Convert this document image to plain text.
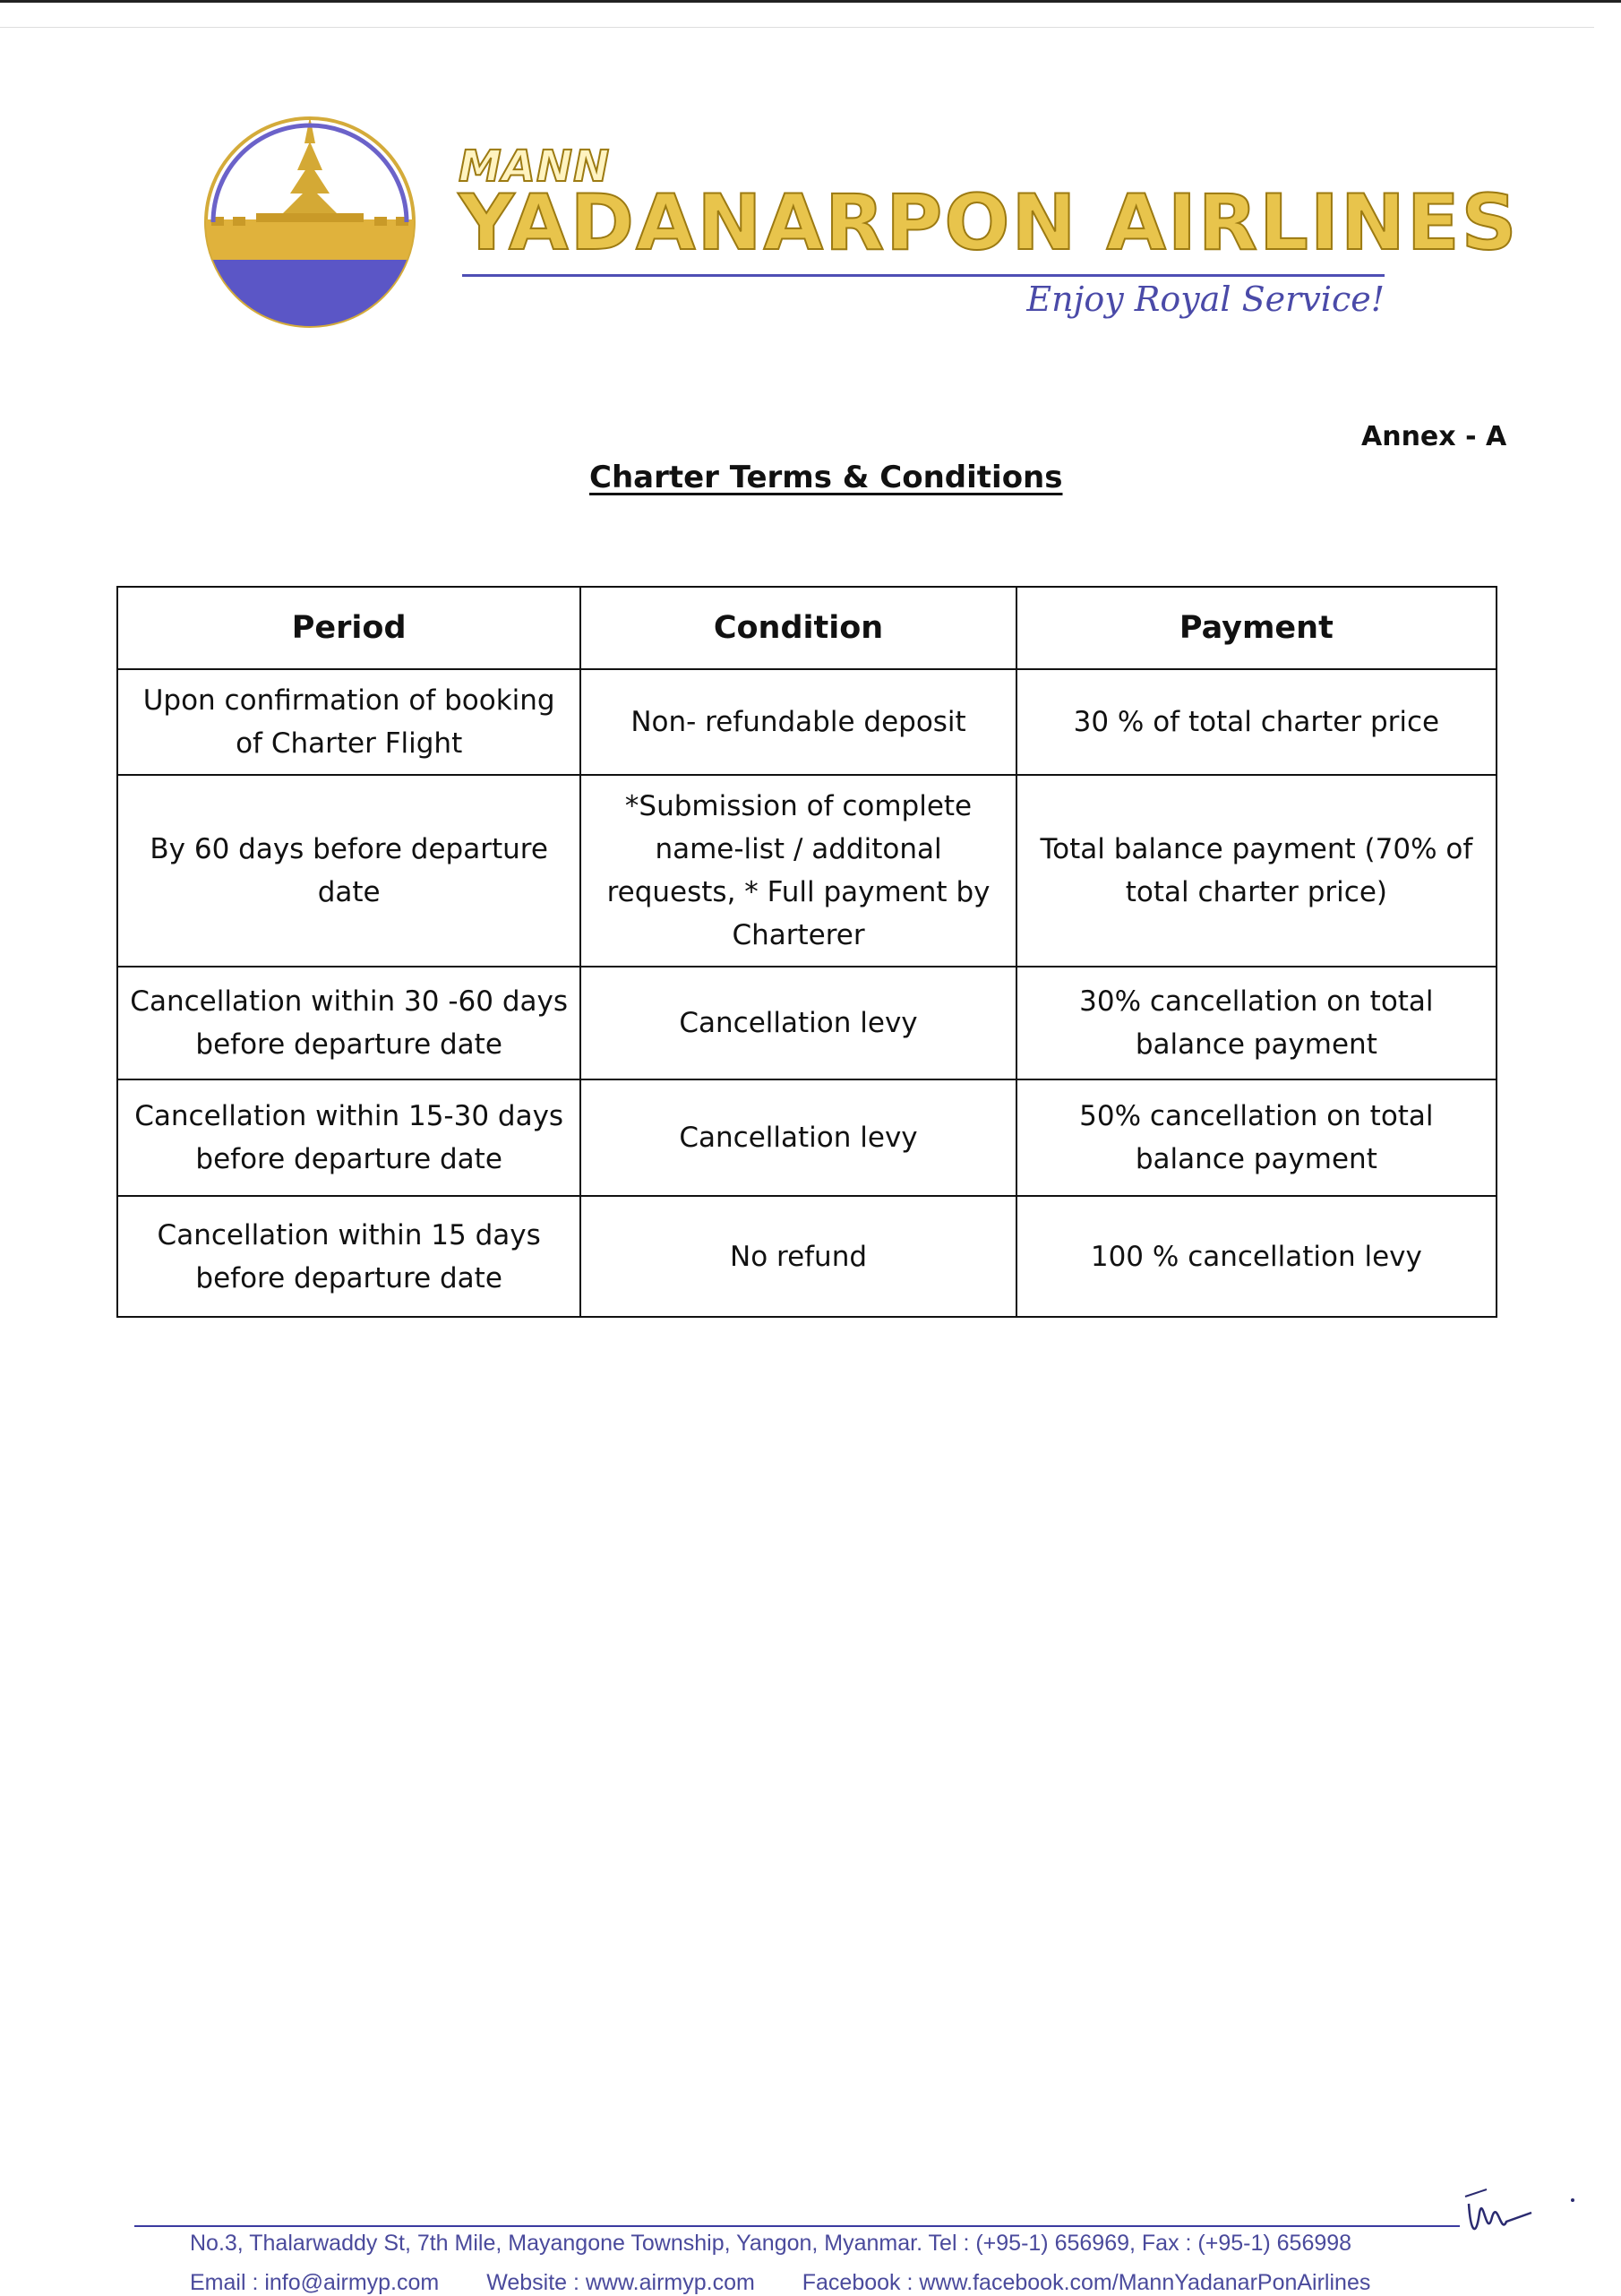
MANN
YADANARPON AIRLINES
Enjoy Royal Service!
Annex - A
Charter Terms & Conditions
Period	Condition	Payment
Upon confirmation of booking of Charter Flight	Non- refundable deposit	30 % of total charter price
By 60 days before departure date	*Submission of complete name-list / additonal requests, * Full payment by Charterer	Total balance payment (70% of total charter price)
Cancellation within 30 -60 days before departure date	Cancellation levy	30% cancellation on total balance payment
Cancellation within 15-30 days before departure date	Cancellation levy	50% cancellation on total balance payment
Cancellation within 15 days before departure date	No refund	100 % cancellation levy
No.3, Thalarwaddy St, 7th Mile, Mayangone Township, Yangon, Myanmar. Tel : (+95-1) 656969, Fax : (+95-1) 656998
Email : info@airmyp.com Website : www.airmyp.com Facebook : www.facebook.com/MannYadanarPonAirlines
